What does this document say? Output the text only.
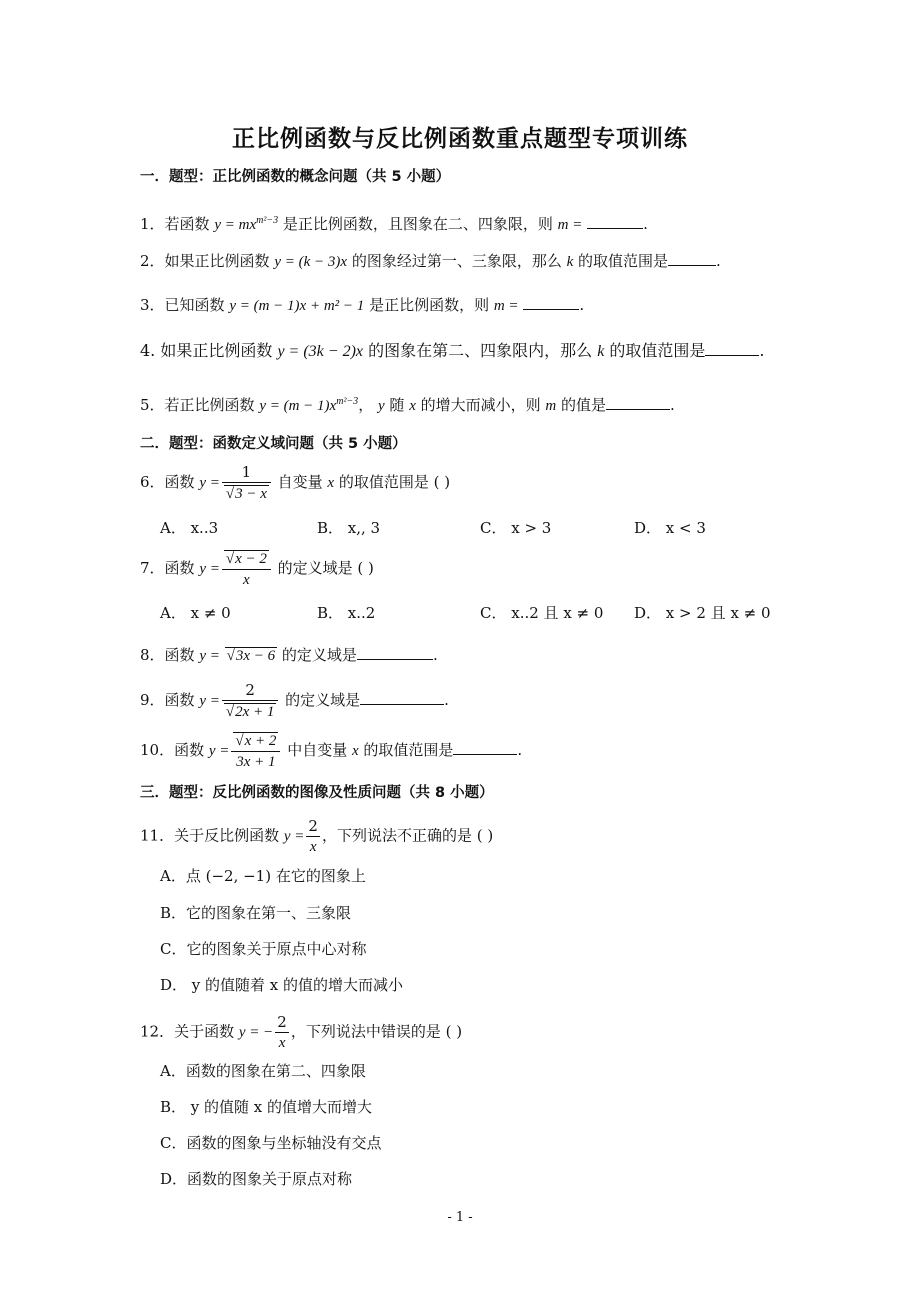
正比例函数与反比例函数重点题型专项训练
一．题型：正比例函数的概念问题（共 5 小题）
1．若函数 $y = mx^{m^2-3}$ 是正比例函数，且图象在二、四象限，则 m =	.
2．如果正比例函数 y = (k − 3)x 的图象经过第一、三象限，那么 k 的取值范围是	.
3．已知函数 y = (m − 1)x + m² − 1 是正比例函数，则 m =	.
4. 如果正比例函数 y = (3k − 2)x 的图象在第二、四象限内，那么 k 的取值范围是	.
5．若正比例函数 $y = (m - 1)x^{m^2-3}$， y 随 x 的增大而减小，则 m 的值是	.
二．题型：函数定义域问题（共 5 小题）
6．函数 y = 1
√ 3 − x 自变量 x 的取值范围是 ( )
A． x..3	B． x,, 3	C． x > 3	D． x < 3
7．函数 y = √ $\frac{x - 2}{x}$ 的定义域是 ( )
A． x ≠ 0	B． x..2	C． x..2 且 x ≠ 0 D． x > 2 且 x ≠ 0
8．函数 y = √ 3x − 6 的定义域是	.
9．函数 y = 2
√ 2x + 1 的定义域是	.
10．函数 y = √ $\frac{x + 2}{3x + 1}$ 中自变量 x 的取值范围是	.
三．题型：反比例函数的图像及性质问题（共 8 小题）
11．关于反比例函数 $y = \frac{2}{x}$ ，下列说法不正确的是 ( )
A．点 (−2, −1) 在它的图象上
B．它的图象在第一、三象限
C．它的图象关于原点中心对称
D． y 的值随着 x 的值的增大而减小
12．关于函数 y = − $\frac{2}{x}$ ，下列说法中错误的是 ( )
A．函数的图象在第二、四象限
B． y 的值随 x 的值增大而增大
C．函数的图象与坐标轴没有交点
D．函数的图象关于原点对称
- 1 -
